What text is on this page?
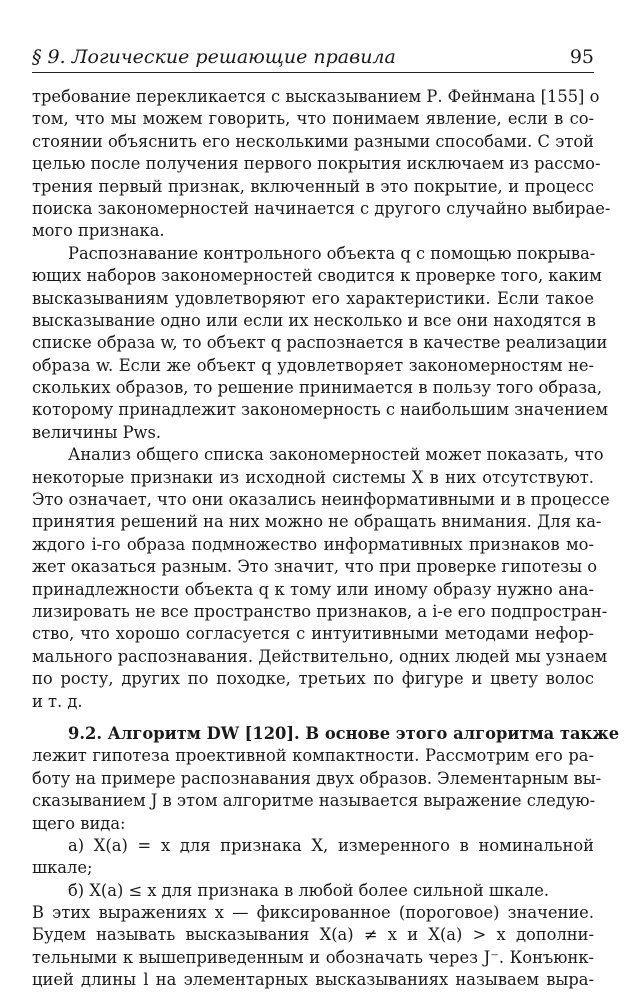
§ 9. Логические решающие правила	95
требование перекликается с высказыванием Р. Фейнмана [155] о
том, что мы можем говорить, что понимаем явление, если в со-
стоянии объяснить его несколькими разными способами. С этой
целью после получения первого покрытия исключаем из рассмо-
трения первый признак, включенный в это покрытие, и процесс
поиска закономерностей начинается с другого случайно выбирае-
мого признака.
Распознавание контрольного объекта q с помощью покрыва-
ющих наборов закономерностей сводится к проверке того, каким
высказываниям удовлетворяют его характеристики. Если такое
высказывание одно или если их несколько и все они находятся в
списке образа w, то объект q распознается в качестве реализации
образа w. Если же объект q удовлетворяет закономерностям не-
скольких образов, то решение принимается в пользу того образа,
которому принадлежит закономерность с наибольшим значением
величины Pws.
Анализ общего списка закономерностей может показать, что
некоторые признаки из исходной системы X в них отсутствуют.
Это означает, что они оказались неинформативными и в процессе
принятия решений на них можно не обращать внимания. Для ка-
ждого i-го образа подмножество информативных признаков мо-
жет оказаться разным. Это значит, что при проверке гипотезы о
принадлежности объекта q к тому или иному образу нужно ана-
лизировать не все пространство признаков, а i-е его подпростран-
ство, что хорошо согласуется с интуитивными методами нефор-
мального распознавания. Действительно, одних людей мы узнаем
по росту, других по походке, третьих по фигуре и цвету волос
и т. д.
9.2. Алгоритм DW [120]. В основе этого алгоритма также
лежит гипотеза проективной компактности. Рассмотрим его ра-
боту на примере распознавания двух образов. Элементарным вы-
сказыванием J в этом алгоритме называется выражение следую-
щего вида:
а) X(a) = x для признака X, измеренного в номинальной
шкале;
б) X(a) ≤ x для признака в любой более сильной шкале.
В этих выражениях x — фиксированное (пороговое) значение.
Будем называть высказывания X(a) ≠ x и X(a) > x дополни-
тельными к вышеприведенным и обозначать через J⁻. Конъюнк-
цией длины l на элементарных высказываниях называем выра-
